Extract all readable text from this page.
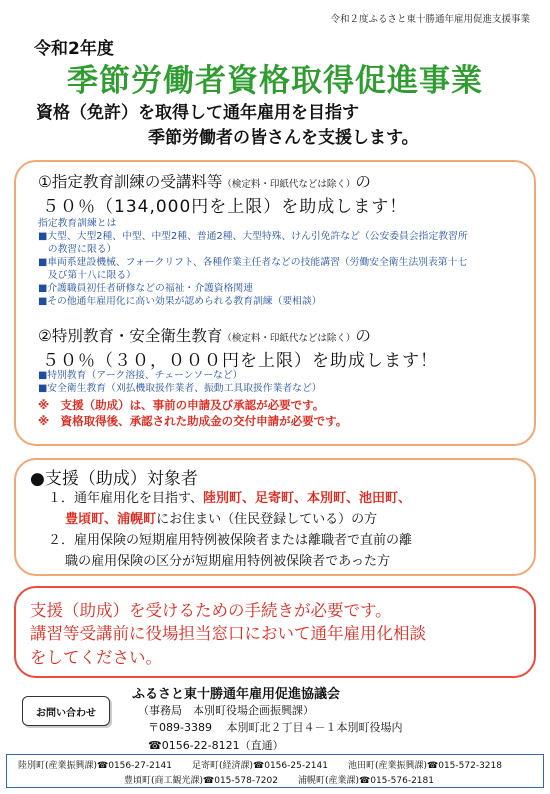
令和２度ふるさと東十勝通年雇用促進支援事業
令和2年度
季節労働者資格取得促進事業
資格（免許）を取得して通年雇用を目指す
季節労働者の皆さんを支援します。
①指定教育訓練の受講料等（検定料・印紙代などは除く）の
５０％（134,000円を上限）を助成します！
指定教育訓練とは
■大型、大型2種、中型、中型2種、普通2種、大型特殊、けん引免許など（公安委員会指定教習所
　の教習に限る）
■車両系建設機械、フォークリフト、各種作業主任者などの技能講習（労働安全衛生法別表第十七
　及び第十八に限る）
■介護職員初任者研修などの福祉・介護資格関連
■その他通年雇用化に高い効果が認められる教育訓練（要相談）
②特別教育・安全衛生教育（検定料・印紙代などは除く）の
５０％（３０，０００円を上限）を助成します！
■特別教育（アーク溶接、チェーンソーなど）
■安全衛生教育（刈払機取扱作業者、振動工具取扱作業者など）
※　支援（助成）は、事前の申請及び承認が必要です。
※　資格取得後、承認された助成金の交付申請が必要です。
●支援（助成）対象者
１．通年雇用化を目指す、陸別町、足寄町、本別町、池田町、
　 豊頃町、浦幌町にお住まい（住民登録している）の方
２．雇用保険の短期雇用特例被保険者または離職者で直前の離
　 職の雇用保険の区分が短期雇用特例被保険者であった方
支援（助成）を受けるための手続きが必要です。
講習等受講前に役場担当窓口において通年雇用化相談
をしてください。
お問い合わせ
ふるさと東十勝通年雇用促進協議会
（事務局　本別町役場企画振興課）
〒089-3389　 本別町北２丁目４－１本別町役場内
☎0156-22-8121（直通）
陸別町(産業振興課)☎0156-27-2141 足寄町(経済課)☎0156-25-2141 池田町(産業振興課)☎015-572-3218
豊頃町(商工観光課)☎015-578-7202 浦幌町(産業課)☎015-576-2181
